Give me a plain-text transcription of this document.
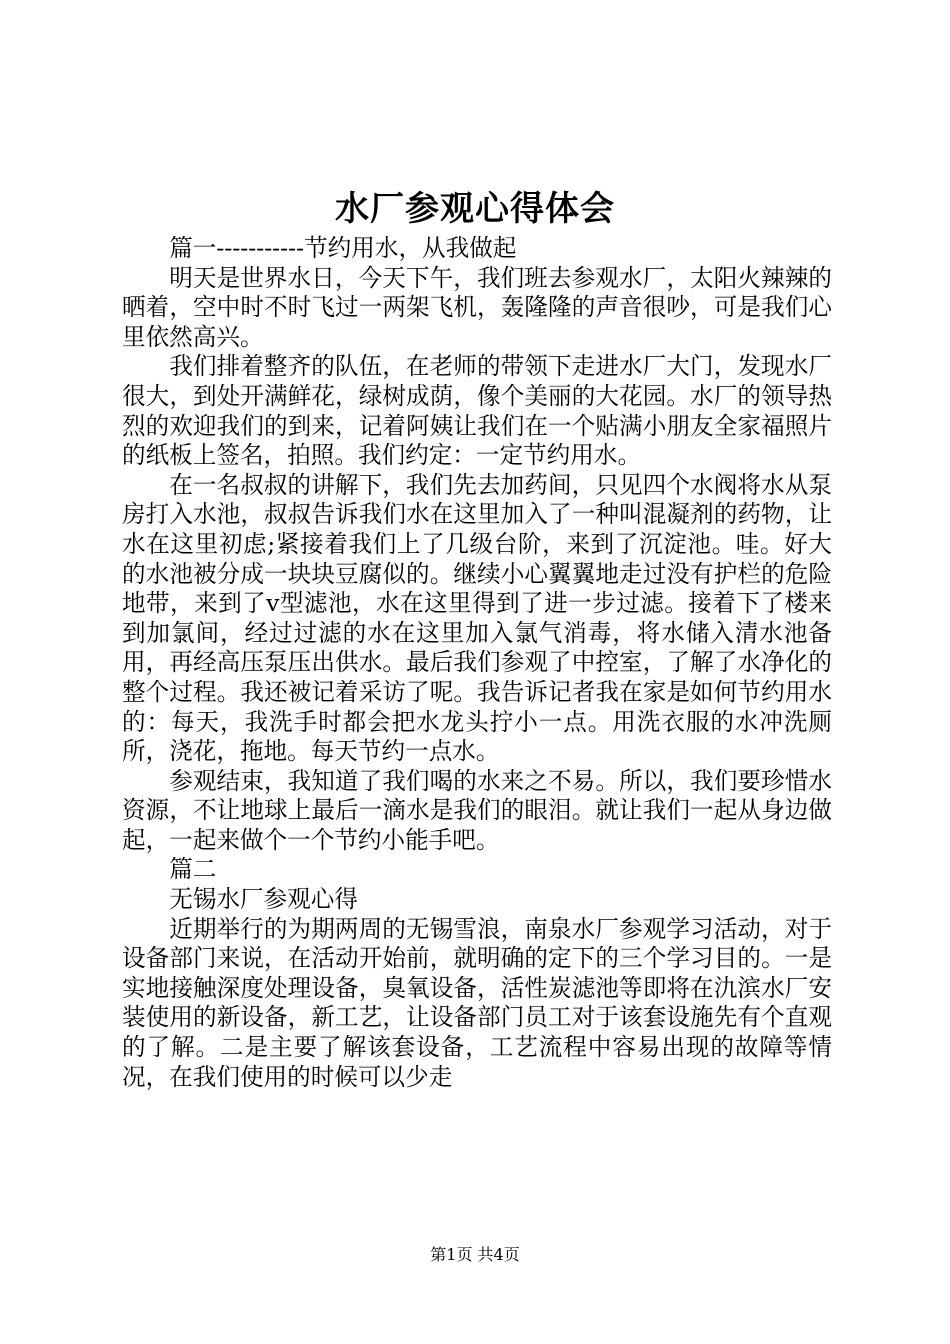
水厂参观心得体会

篇一-----------节约用水，从我做起

明天是世界水日，今天下午，我们班去参观水厂，太阳火辣辣的晒着，空中时不时飞过一两架飞机，轰隆隆的声音很吵，可是我们心里依然高兴。

我们排着整齐的队伍，在老师的带领下走进水厂大门，发现水厂很大，到处开满鲜花，绿树成荫，像个美丽的大花园。水厂的领导热烈的欢迎我们的到来，记着阿姨让我们在一个贴满小朋友全家福照片的纸板上签名，拍照。我们约定：一定节约用水。

在一名叔叔的讲解下，我们先去加药间，只见四个水阀将水从泵房打入水池，叔叔告诉我们水在这里加入了一种叫混凝剂的药物，让水在这里初虑;紧接着我们上了几级台阶，来到了沉淀池。哇。好大的水池被分成一块块豆腐似的。继续小心翼翼地走过没有护栏的危险地带，来到了v型滤池，水在这里得到了进一步过滤。接着下了楼来到加氯间，经过过滤的水在这里加入氯气消毒，将水储入清水池备用，再经高压泵压出供水。最后我们参观了中控室，了解了水净化的整个过程。我还被记着采访了呢。我告诉记者我在家是如何节约用水的：每天，我洗手时都会把水龙头拧小一点。用洗衣服的水冲洗厕所，浇花，拖地。每天节约一点水。

参观结束，我知道了我们喝的水来之不易。所以，我们要珍惜水资源，不让地球上最后一滴水是我们的眼泪。就让我们一起从身边做起，一起来做个一个节约小能手吧。

篇二

无锡水厂参观心得

近期举行的为期两周的无锡雪浪，南泉水厂参观学习活动，对于设备部门来说，在活动开始前，就明确的定下的三个学习目的。一是实地接触深度处理设备，臭氧设备，活性炭滤池等即将在氿滨水厂安装使用的新设备，新工艺，让设备部门员工对于该套设施先有个直观的了解。二是主要了解该套设备，工艺流程中容易出现的故障等情况，在我们使用的时候可以少走

第1页 共4页
